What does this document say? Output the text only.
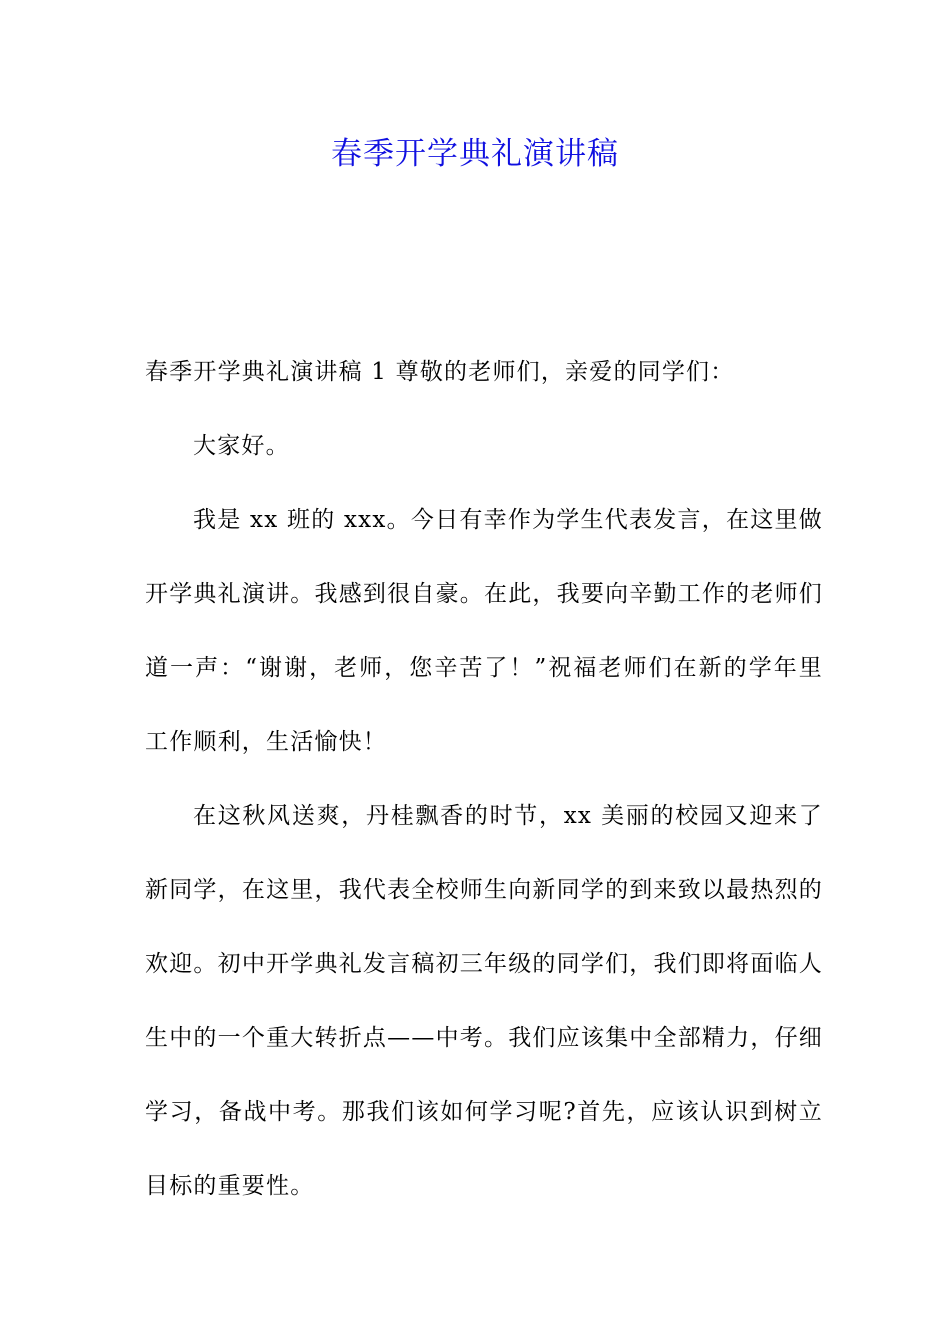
春季开学典礼演讲稿

春季开学典礼演讲稿 1 尊敬的老师们，亲爱的同学们：

大家好。

我是 xx 班的 xxx。今日有幸作为学生代表发言，在这里做开学典礼演讲。我感到很自豪。在此，我要向辛勤工作的老师们道一声：“谢谢，老师，您辛苦了！”祝福老师们在新的学年里工作顺利，生活愉快！

在这秋风送爽，丹桂飘香的时节，xx 美丽的校园又迎来了新同学，在这里，我代表全校师生向新同学的到来致以最热烈的欢迎。初中开学典礼发言稿初三年级的同学们，我们即将面临人生中的一个重大转折点——中考。我们应该集中全部精力，仔细学习，备战中考。那我们该如何学习呢?首先，应该认识到树立目标的重要性。
